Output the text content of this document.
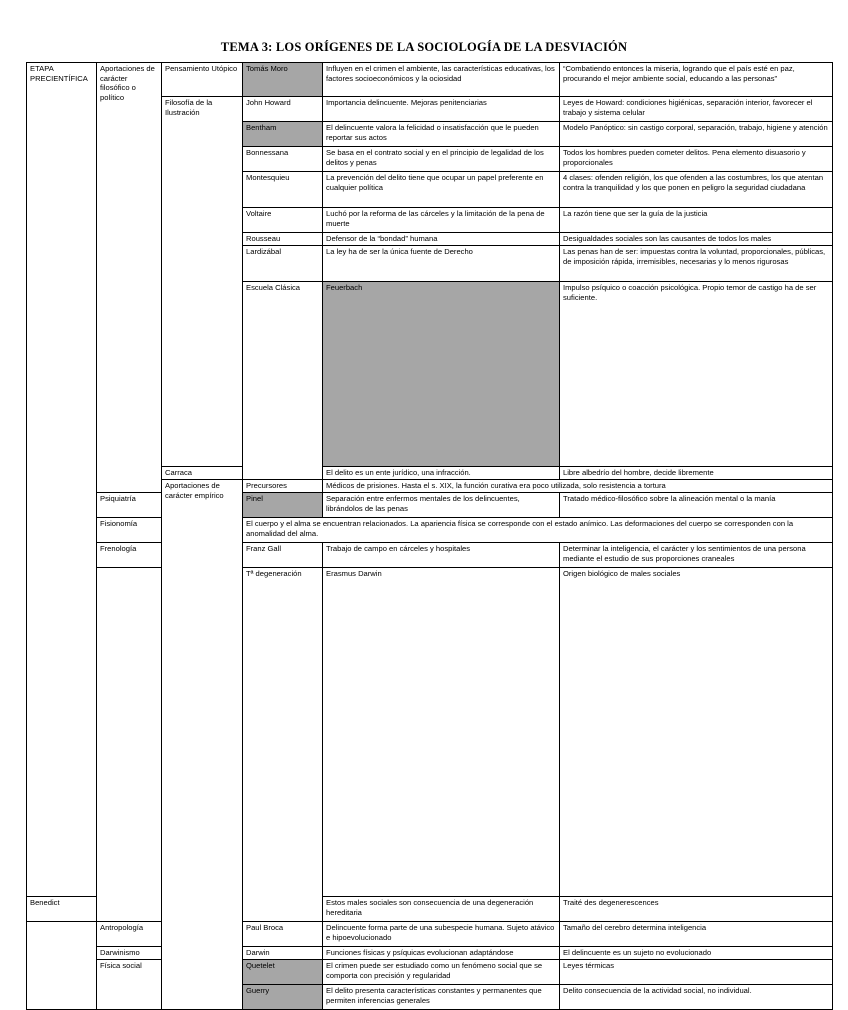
TEMA 3: LOS ORÍGENES DE LA SOCIOLOGÍA DE LA DESVIACIÓN
ETAPA PRECIENTÍFICA	Aportaciones de carácter filosófico o político	Pensamiento Utópico	Tomás Moro	Influyen en el crimen el ambiente, las características educativas, los factores socioeconómicos y la ociosidad	“Combatiendo entonces la miseria, logrando que el país esté en paz, procurando el mejor ambiente social, educando a las personas”	
		Filosofía de la Ilustración	John Howard	Importancia delincuente. Mejoras penitenciarias	Leyes de Howard: condiciones higiénicas, separación interior, favorecer el trabajo y sistema celular	
			Bentham	El delincuente valora la felicidad o insatisfacción que le pueden reportar sus actos	Modelo Panóptico: sin castigo corporal, separación, trabajo, higiene y atención	
			Bonnessana	Se basa en el contrato social y en el principio de legalidad de los delitos y penas	Todos los hombres pueden cometer delitos. Pena elemento disuasorio y proporcionales	
			Montesquieu	La prevención del delito tiene que ocupar un papel preferente en cualquier política	4 clases: ofenden religión, los que ofenden a las costumbres, los que atentan contra la tranquilidad y los que ponen en peligro la seguridad ciudadana	
			Voltaire	Luchó por la reforma de las cárceles y la limitación de la pena de muerte	La razón tiene que ser la guía de la justicia	
			Rousseau	Defensor de la “bondad” humana	Desigualdades sociales son las causantes de todos los males	
			Lardizábal	La ley ha de ser la única fuente de Derecho	Las penas han de ser: impuestas contra la voluntad, proporcionales, públicas, de imposición rápida, irremisibles, necesarias y lo menos rigurosas	
			Escuela Clásica	Feuerbach	Impulso psíquico o coacción psicológica. Propio temor de castigo ha de ser suficiente.	
		Carraca		El delito es un ente jurídico, una infracción.	Libre albedrío del hombre, decide libremente	
		Aportaciones de carácter empírico	Precursores	Médicos de prisiones. Hasta el s. XIX, la función curativa era poco utilizada, solo resistencia a tortura		
	Psiquiatría		Pinel	Separación entre enfermos mentales de los delincuentes, librándolos de las penas	Tratado médico-filosófico sobre la alineación mental o la manía	
	Fisionomía		El cuerpo y el alma se encuentran relacionados. La apariencia física se corresponde con el estado anímico. Las deformaciones del cuerpo se corresponden con la anomalidad del alma.			
	Frenología		Franz Gall	Trabajo de campo en cárceles y hospitales	Determinar la inteligencia, el carácter y los sentimientos de una persona mediante el estudio de sus proporciones craneales	
			Tª degeneración	Erasmus Darwin	Origen biológico de males sociales	
Benedict				Estos males sociales son consecuencia de una degeneración hereditaria	Traité des degenerescences	
	Antropología		Paul Broca	Delincuente forma parte de una subespecie humana. Sujeto atávico e hipoevolucionado	Tamaño del cerebro determina inteligencia	
	Darwinismo		Darwin	Funciones físicas y psíquicas evolucionan adaptándose	El delincuente es un sujeto no evolucionado	
	Física social		Quetelet	El crimen puede ser estudiado como un fenómeno social que se comporta con precisión y regularidad	Leyes térmicas	
			Guerry	El delito presenta características constantes y permanentes que permiten inferencias generales	Delito consecuencia de la actividad social, no individual.	
